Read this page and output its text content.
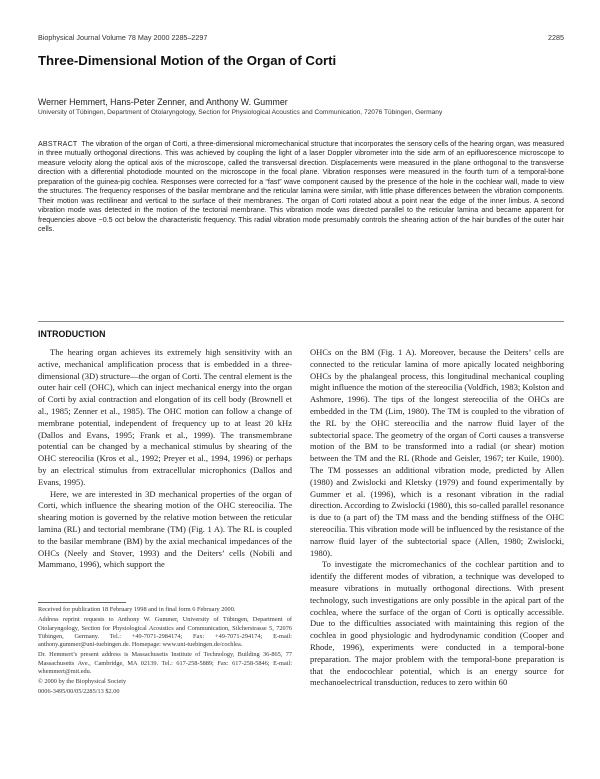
Biophysical Journal Volume 78 May 2000 2285–2297	2285
Three-Dimensional Motion of the Organ of Corti
Werner Hemmert, Hans-Peter Zenner, and Anthony W. Gummer
University of Tübingen, Department of Otolaryngology, Section for Physiological Acoustics and Communication, 72076 Tübingen, Germany
ABSTRACT The vibration of the organ of Corti, a three-dimensional micromechanical structure that incorporates the sensory cells of the hearing organ, was measured in three mutually orthogonal directions. This was achieved by coupling the light of a laser Doppler vibrometer into the side arm of an epifluorescence microscope to measure velocity along the optical axis of the microscope, called the transversal direction. Displacements were measured in the plane orthogonal to the transverse direction with a differential photodiode mounted on the microscope in the focal plane. Vibration responses were measured in the fourth turn of a temporal-bone preparation of the guinea-pig cochlea. Responses were corrected for a “fast” wave component caused by the presence of the hole in the cochlear wall, made to view the structures. The frequency responses of the basilar membrane and the reticular lamina were similar, with little phase differences between the vibration components. Their motion was rectilinear and vertical to the surface of their membranes. The organ of Corti rotated about a point near the edge of the inner limbus. A second vibration mode was detected in the motion of the tectorial membrane. This vibration mode was directed parallel to the reticular lamina and became apparent for frequencies above ~0.5 oct below the characteristic frequency. This radial vibration mode presumably controls the shearing action of the hair bundles of the outer hair cells.
INTRODUCTION

The hearing organ achieves its extremely high sensitivity with an active, mechanical amplification process that is embedded in a three-dimensional (3D) structure—the organ of Corti. The central element is the outer hair cell (OHC), which can inject mechanical energy into the organ of Corti by axial contraction and elongation of its cell body (Brownell et al., 1985; Zenner et al., 1985). The OHC motion can follow a change of membrane potential, independent of frequency up to at least 20 kHz (Dallos and Evans, 1995; Frank et al., 1999). The transmembrane potential can be changed by a mechanical stimulus by shearing of the OHC stereocilia (Kros et al., 1992; Preyer et al., 1994, 1996) or perhaps by an electrical stimulus from extracellular microphonics (Dallos and Evans, 1995).

Here, we are interested in 3D mechanical properties of the organ of Corti, which influence the shearing motion of the OHC stereocilia. The shearing motion is governed by the relative motion between the reticular lamina (RL) and tectorial membrane (TM) (Fig. 1 A). The RL is coupled to the basilar membrane (BM) by the axial mechanical impedances of the OHCs (Neely and Stover, 1993) and the Deiters’ cells (Nobili and Mammano, 1996), which support the

OHCs on the BM (Fig. 1 A). Moreover, because the Deiters’ cells are connected to the reticular lamina of more apically located neighboring OHCs by the phalangeal process, this longitudinal mechanical coupling might influence the motion of the stereocilia (Voldřich, 1983; Kolston and Ashmore, 1996). The tips of the longest stereocilia of the OHCs are embedded in the TM (Lim, 1980). The TM is coupled to the vibration of the RL by the OHC stereocilia and the narrow fluid layer of the subtectorial space. The geometry of the organ of Corti causes a transverse motion of the BM to be transformed into a radial (or shear) motion between the TM and the RL (Rhode and Geisler, 1967; ter Kuile, 1900). The TM possesses an additional vibration mode, predicted by Allen (1980) and Zwislocki and Kletsky (1979) and found experimentally by Gummer et al. (1996), which is a resonant vibration in the radial direction. According to Zwislocki (1980), this so-called parallel resonance is due to (a part of) the TM mass and the bending stiffness of the OHC stereocilia. This vibration mode will be influenced by the resistance of the narrow fluid layer of the subtectorial space (Allen, 1980; Zwislocki, 1980).

To investigate the micromechanics of the cochlear partition and to identify the different modes of vibration, a technique was developed to measure vibrations in mutually orthogonal directions. With present technology, such investigations are only possible in the apical part of the cochlea, where the surface of the organ of Corti is optically accessible. Due to the difficulties associated with maintaining this region of the cochlea in good physiologic and hydrodynamic condition (Cooper and Rhode, 1996), experiments were conducted in a temporal-bone preparation. The major problem with the temporal-bone preparation is that the endocochlear potential, which is an energy source for mechanoelectrical transduction, reduces to zero within 60

Received for publication 18 February 1998 and in final form 6 February 2000.

Address reprint requests to Anthony W. Gummer, University of Tübingen, Department of Otolaryngology, Section for Physiological Acoustics and Communication, Silcherstrasse 5, 72076 Tübingen, Germany. Tel.: +49-7071-2984174; Fax: +49-7071-294174; E-mail: anthony.gummer@uni-tuebingen.de. Homepage: www.uni-tuebingen.de/cochlea.

Dr. Hemmert’s present address is Massachusetts Institute of Technology, Building 36-865, 77 Massachusetts Ave., Cambridge, MA 02139. Tel.: 617-258-5889; Fax: 617-258-5846; E-mail: whemmert@mit.edu.

© 2000 by the Biophysical Society

0006-3495/00/05/2285/13 $2.00
